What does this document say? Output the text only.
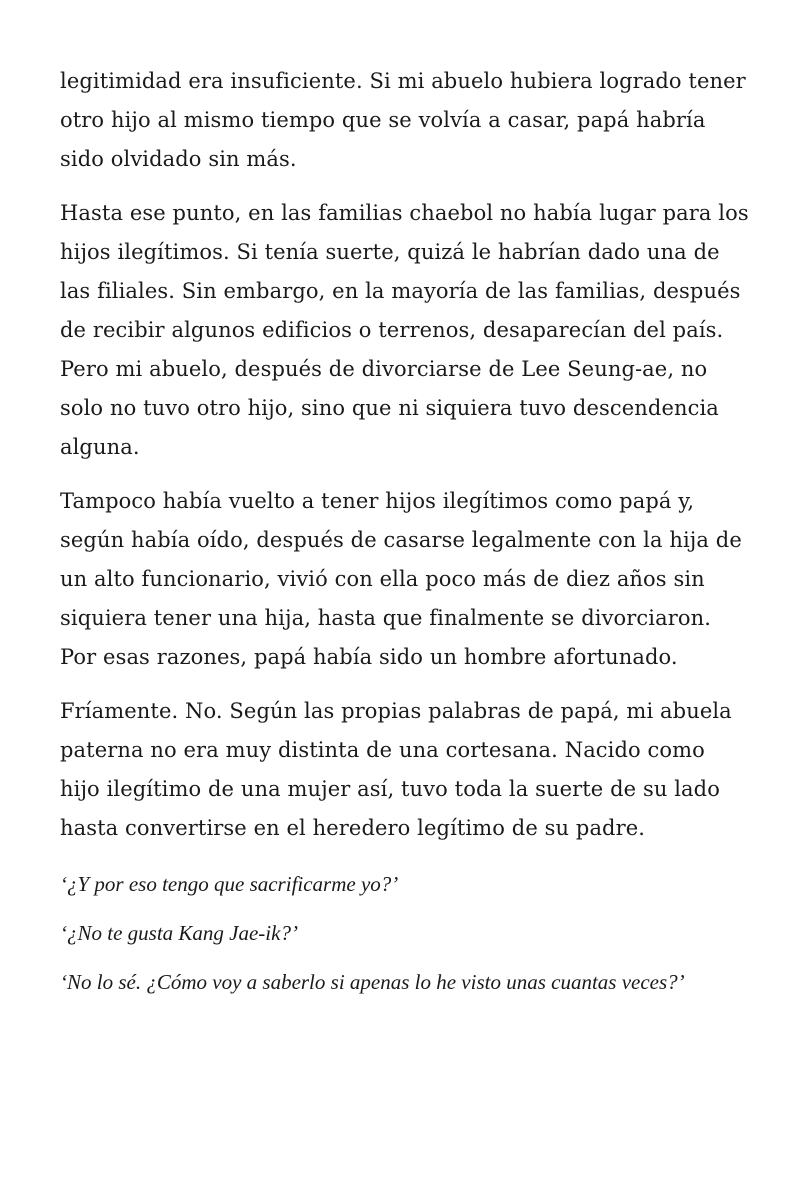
legitimidad era insuficiente. Si mi abuelo hubiera logrado tener otro hijo al mismo tiempo que se volvía a casar, papá habría sido olvidado sin más.

Hasta ese punto, en las familias chaebol no había lugar para los hijos ilegítimos. Si tenía suerte, quizá le habrían dado una de las filiales. Sin embargo, en la mayoría de las familias, después de recibir algunos edificios o terrenos, desaparecían del país. Pero mi abuelo, después de divorciarse de Lee Seung-ae, no solo no tuvo otro hijo, sino que ni siquiera tuvo descendencia alguna.

Tampoco había vuelto a tener hijos ilegítimos como papá y, según había oído, después de casarse legalmente con la hija de un alto funcionario, vivió con ella poco más de diez años sin siquiera tener una hija, hasta que finalmente se divorciaron. Por esas razones, papá había sido un hombre afortunado.

Fríamente. No. Según las propias palabras de papá, mi abuela paterna no era muy distinta de una cortesana. Nacido como hijo ilegítimo de una mujer así, tuvo toda la suerte de su lado hasta convertirse en el heredero legítimo de su padre.

‘¿Y por eso tengo que sacrificarme yo?’

‘¿No te gusta Kang Jae-ik?’

‘No lo sé. ¿Cómo voy a saberlo si apenas lo he visto unas cuantas veces?’
